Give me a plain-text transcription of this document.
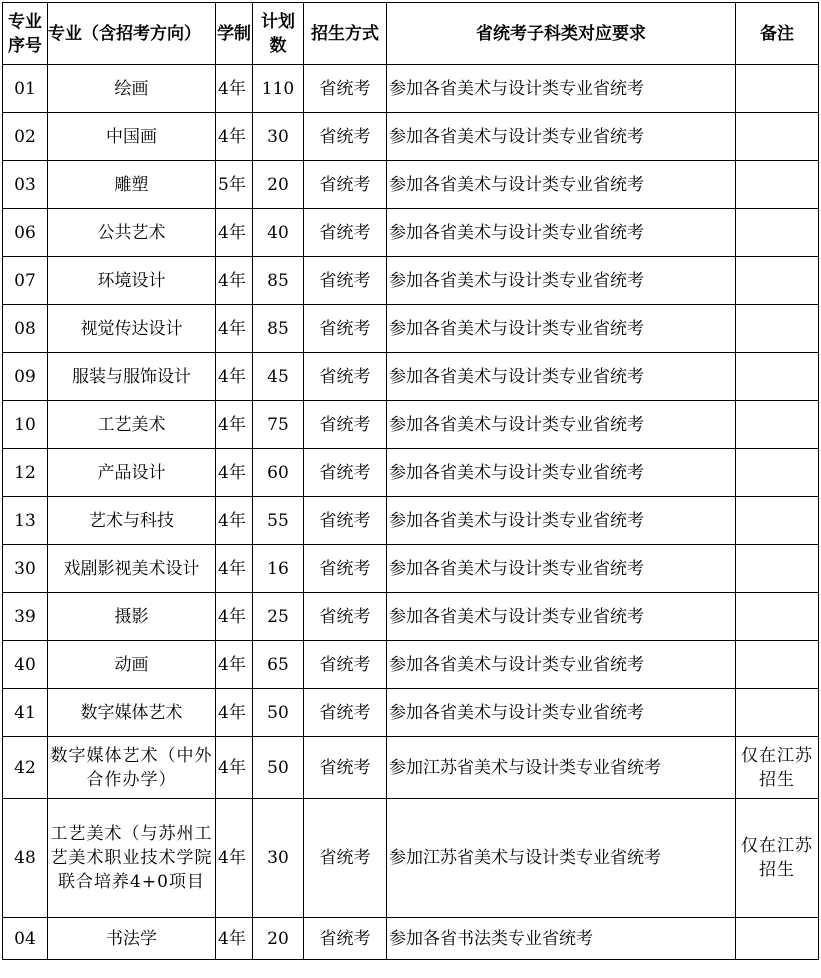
专业序号	专业（含招考方向）	学制	计划数	招生方式	省统考子科类对应要求	备注
01	绘画	4年	110	省统考	参加各省美术与设计类专业省统考	
02	中国画	4年	30	省统考	参加各省美术与设计类专业省统考	
03	雕塑	5年	20	省统考	参加各省美术与设计类专业省统考	
06	公共艺术	4年	40	省统考	参加各省美术与设计类专业省统考	
07	环境设计	4年	85	省统考	参加各省美术与设计类专业省统考	
08	视觉传达设计	4年	85	省统考	参加各省美术与设计类专业省统考	
09	服装与服饰设计	4年	45	省统考	参加各省美术与设计类专业省统考	
10	工艺美术	4年	75	省统考	参加各省美术与设计类专业省统考	
12	产品设计	4年	60	省统考	参加各省美术与设计类专业省统考	
13	艺术与科技	4年	55	省统考	参加各省美术与设计类专业省统考	
30	戏剧影视美术设计	4年	16	省统考	参加各省美术与设计类专业省统考	
39	摄影	4年	25	省统考	参加各省美术与设计类专业省统考	
40	动画	4年	65	省统考	参加各省美术与设计类专业省统考	
41	数字媒体艺术	4年	50	省统考	参加各省美术与设计类专业省统考	
42	数字媒体艺术（中外合作办学）	4年	50	省统考	参加江苏省美术与设计类专业省统考	仅在江苏招生
48	工艺美术（与苏州工艺美术职业技术学院联合培养4+0项目	4年	30	省统考	参加江苏省美术与设计类专业省统考	仅在江苏招生
04	书法学	4年	20	省统考	参加各省书法类专业省统考	
